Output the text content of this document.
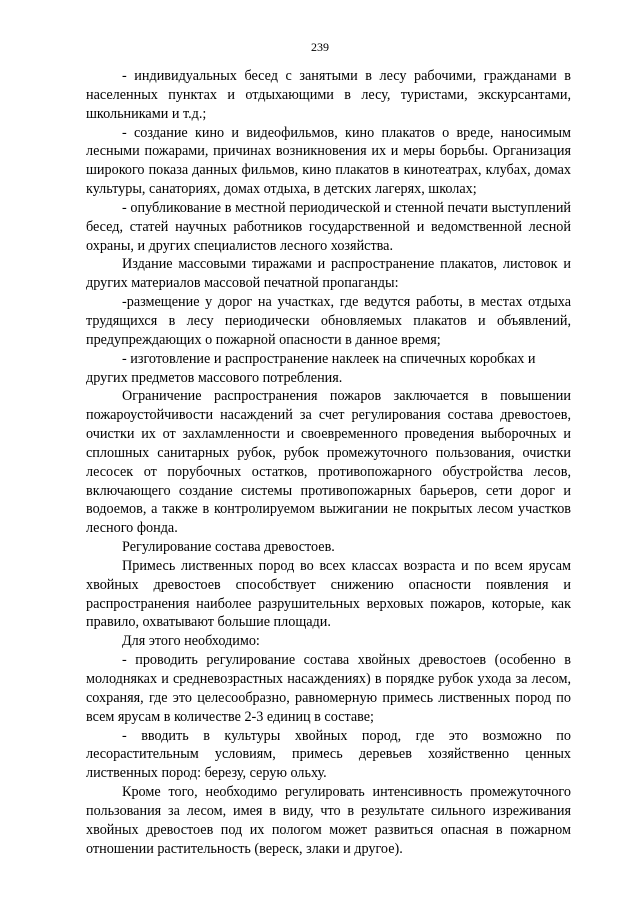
239

- индивидуальных бесед с занятыми в лесу рабочими, гражданами в населенных пунктах и отдыхающими в лесу, туристами, экскурсантами, школьниками и т.д.;

- создание кино и видеофильмов, кино плакатов о вреде, наносимым лесными пожарами, причинах возникновения их и меры борьбы. Организация широкого показа данных фильмов, кино плакатов в кинотеатрах, клубах, домах культуры, санаториях, домах отдыха, в детских лагерях, школах;

- опубликование в местной периодической и стенной печати выступлений бесед, статей научных работников государственной и ведомственной лесной охраны, и других специалистов лесного хозяйства.

Издание массовыми тиражами и распространение плакатов, листовок и других материалов массовой печатной пропаганды:

-размещение у дорог на участках, где ведутся работы, в местах отдыха трудящихся в лесу периодически обновляемых плакатов и объявлений, предупреждающих о пожарной опасности в данное время;

- изготовление и распространение наклеек на спичечных коробках и других предметов массового потребления.

Ограничение распространения пожаров заключается в повышении пожароустойчивости насаждений за счет регулирования состава древостоев, очистки их от захламленности и своевременного проведения выборочных и сплошных санитарных рубок, рубок промежуточного пользования, очистки лесосек от порубочных остатков, противопожарного обустройства лесов, включающего создание системы противопожарных барьеров, сети дорог и водоемов, а также в контролируемом выжигании не покрытых лесом участков лесного фонда.

Регулирование состава древостоев.

Примесь лиственных пород во всех классах возраста и по всем ярусам хвойных древостоев способствует снижению опасности появления и распространения наиболее разрушительных верховых пожаров, которые, как правило, охватывают большие площади.

Для этого необходимо:

- проводить регулирование состава хвойных древостоев (особенно в молодняках и средневозрастных насаждениях) в порядке рубок ухода за лесом, сохраняя, где это целесообразно, равномерную примесь лиственных пород по всем ярусам в количестве 2-3 единиц в составе;

- вводить в культуры хвойных пород, где это возможно по лесорастительным условиям, примесь деревьев хозяйственно ценных лиственных пород: березу, серую ольху.

Кроме того, необходимо регулировать интенсивность промежуточного пользования за лесом, имея в виду, что в результате сильного изреживания хвойных древостоев под их пологом может развиться опасная в пожарном отношении растительность (вереск, злаки и другое).
